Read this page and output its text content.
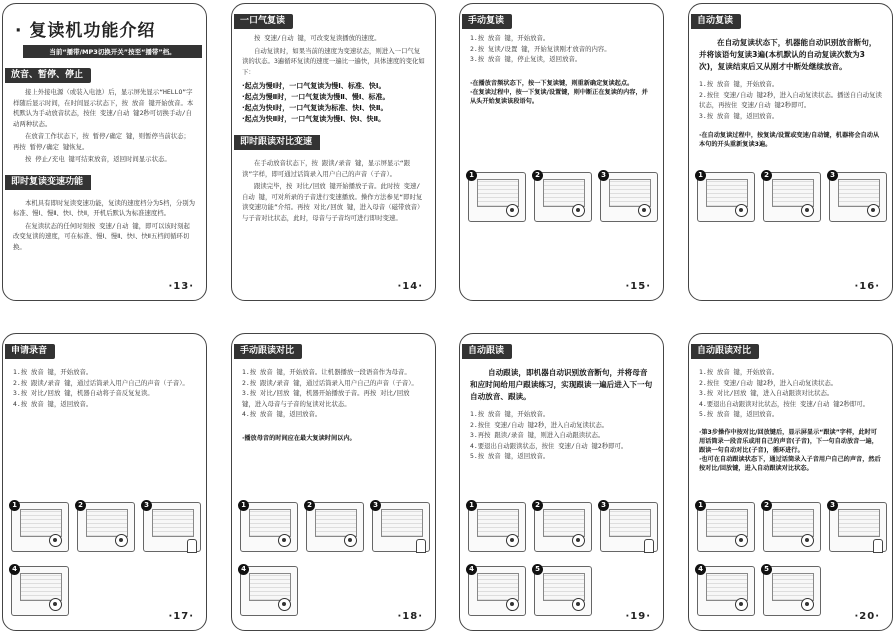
· 复读机功能介绍
当前“播带/MP3切换开关”按至“播带”档。
放音、暂停、停止

接上外接电源（或装入电池）后，显示屏先显示“HELLO”字样随后显示时间，在时间显示状态下，按 放音 键开始放音。本机默认为手动放音状态，按住 变速/自动 键2秒可切换手动/自动两种状态。

在放音工作状态下，按 暂停/确定 键，则暂停当前状态；再按 暂停/确定 键恢复。

按 停止/充电 键可结束放音，返回时间显示状态。

即时复读变速功能

本机具有即时复读变速功能，复读的速度档分为5档，分别为标准、慢Ⅰ、慢Ⅱ、快Ⅰ、快Ⅱ，开机后默认为标准速度档。

在复读状态的任何时刻按 变速/自动 键，即可以该时刻起改变复读的速度，可在标准、慢Ⅰ、慢Ⅱ、快Ⅰ、快Ⅱ五档间循环切换。

·13·
一口气复读

按 变速/自动 键，可改变复读播放的速度。

自动复读时，如果当前的速度为变速状态，则进入一口气复读的状态。3遍循环复读的速度一遍比一遍快，具体速度的变化如下：

·起点为慢Ⅰ时，一口气复读为慢Ⅰ、标准、快Ⅰ。
·起点为慢Ⅱ时，一口气复读为慢Ⅱ、慢Ⅰ、标准。
·起点为快Ⅰ时，一口气复读为标准、快Ⅰ、快Ⅱ。
·起点为快Ⅱ时，一口气复读为慢Ⅰ、快Ⅰ、快Ⅱ。
即时跟读对比变速

在手动放音状态下，按 跟读/录音 键，显示屏显示“跟读”字样，即可通过话筒录入用户自己的声音（子音）。

跟读完毕，按 对比/回放 键开始播放子音。此时按 变速/自动 键，可对所录的子音进行变速播放。操作方法参见“即时复读变速功能”介绍。再按 对比/回放 键，进入母音（磁带放音）与子音对比状态，此时，母音与子音均可进行即时变速。

·14·
手动复读
1.按 放音 键，开始放音。
2.按 复读/设置 键，开始复读刚才放音的内容。
3.按 放音 键，停止复读，返回放音。
·在播放音频状态下，按一下复读键，则重新确定复读起点。
·在复读过程中，按一下复读/设置键，则中断正在复读的内容，并从头开始复读该段语句。
1	2	3
·15·
自动复读
在自动复读状态下，机器能自动识别放音断句，并将该语句复读3遍(本机默认的自动复读次数为3次)，复读结束后又从刚才中断处继续放音。
1.按 放音 键，开始放音。
2.按住 变速/自动 键2秒，进入自动复读状态。播送自自动复读状态，再按住 变速/自动 键2秒即可。
3.按 放音 键，返回放音。
·在自动复读过程中，按复读/设置或变速/自动键，机器将会自动从本句的开头重新复读3遍。
1	2	3
·16·
申请录音
1.按 放音 键，开始放音。
2.按 跟读/录音 键，通过话筒录入用户自己的声音（子音）。
3.按 对比/回放 键，机器自动将子音反复复读。
4.按 放音 键，返回放音。
1	2	3
4
·17·
手动跟读对比
1.按 放音 键，开始放音。让机器播放一段语音作为母音。
2.按 跟读/录音 键，通过话筒录入用户自己的声音（子音）。
3.按 对比/回放 键，机器开始播放子音。再按 对比/回放 键，进入母音与子音的复读对比状态。
4.按 放音 键，返回放音。
·播放母音的时间应在最大复读时间以内。
1	2	3
4
·18·
自动跟读
自动跟读，即机器自动识别放音断句，并将母音和应时间给用户跟读练习，实现跟读一遍后进入下一句自动放音、跟读。
1.按 放音 键，开始放音。
2.按住 变速/自动 键2秒，进入自动复读状态。
3.再按 跟读/录音 键，则进入自动跟读状态。
4.要退出自动跟读状态，按住 变速/自动 键2秒即可。
5.按 放音 键，返回放音。
1	2	3
4	5
·19·
自动跟读对比
1.按 放音 键，开始放音。
2.按住 变速/自动 键2秒，进入自动复读状态。
3.按 对比/回放 键，进入自动跟读对比状态。
4.要退出自动跟读对比状态，按住 变速/自动 键2秒即可。
5.按 放音 键，返回放音。
·第3步操作中按对比/回放键后，显示屏显示“跟读”字样，此时可用话筒录一段音乐或用自己的声音(子音)，下一句自动放音一遍，跟读一句自动对比(子音)，循环进行。
·也可在自动跟读状态下，通过话筒录入子音用户自己的声音，然后按对比/回放键，进入自动跟读对比状态。
1	2	3
4	5
·20·
